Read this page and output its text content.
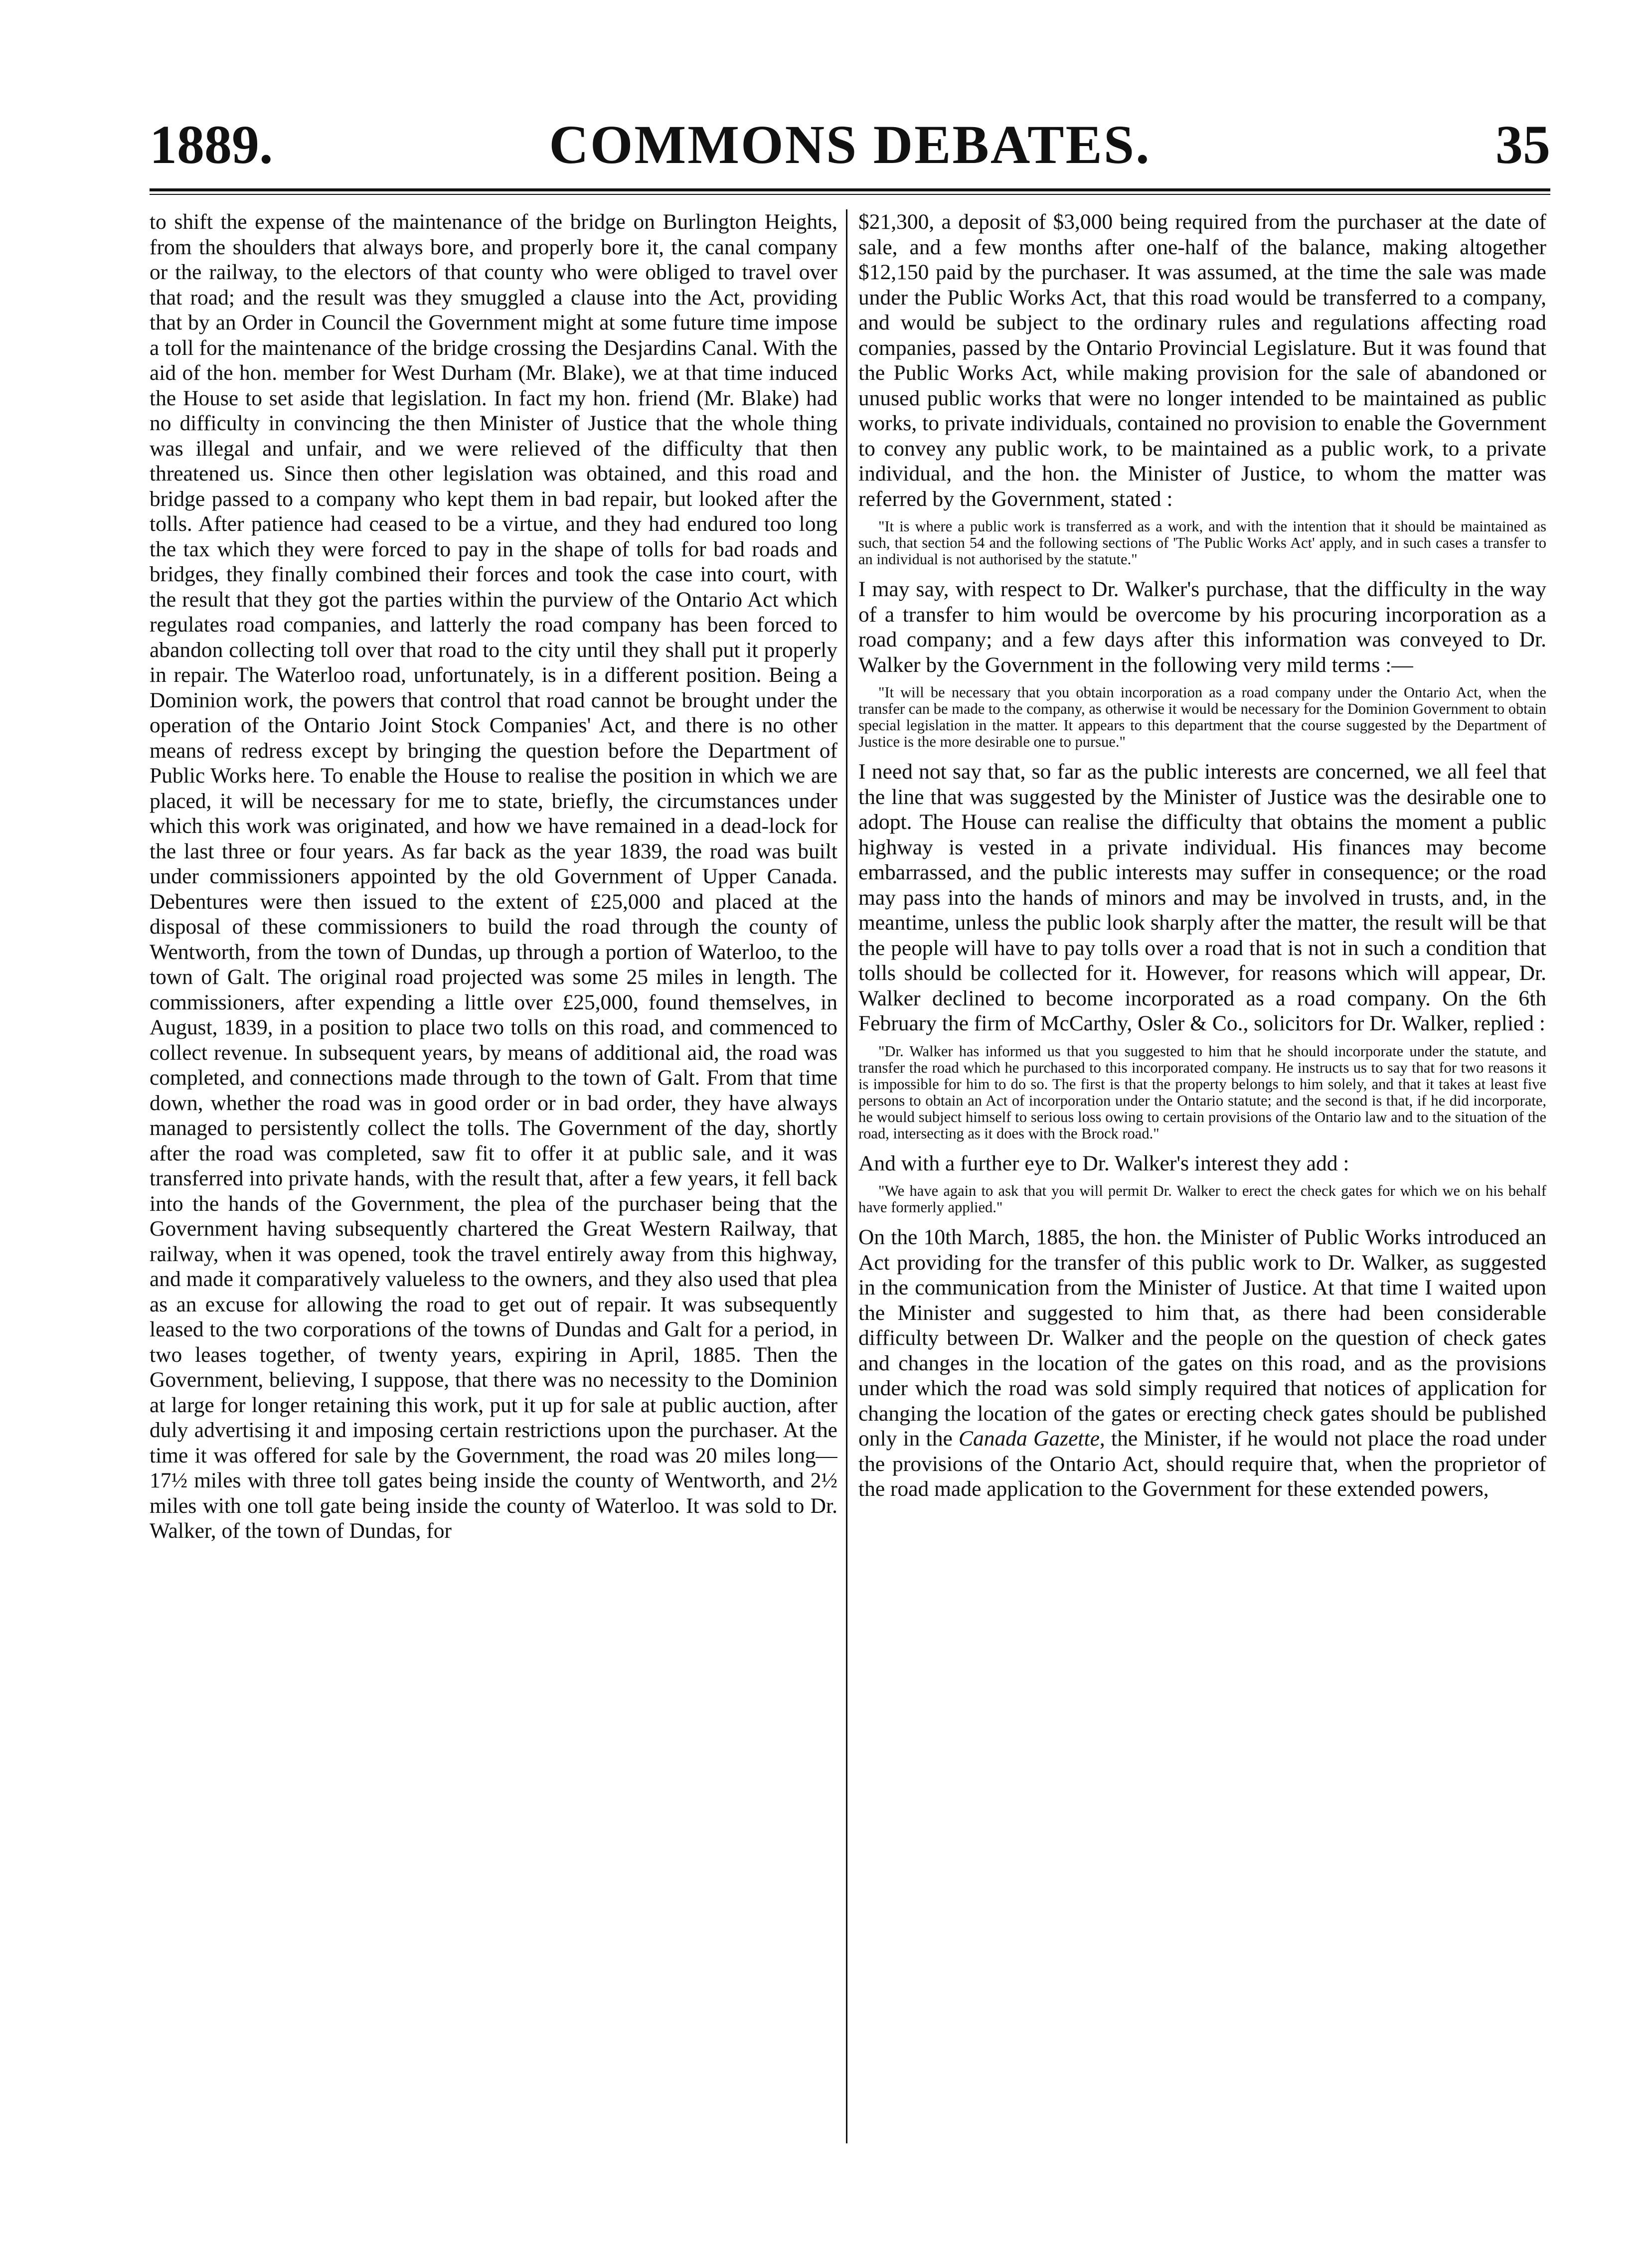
COMMONS DEBATES.
1889.	35

to shift the expense of the maintenance of the bridge on Burlington Heights, from the shoulders that always bore, and properly bore it, the canal company or the railway, to the electors of that county who were obliged to travel over that road; and the result was they smuggled a clause into the Act, providing that by an Order in Council the Government might at some future time impose a toll for the maintenance of the bridge crossing the Desjardins Canal. With the aid of the hon. member for West Durham (Mr. Blake), we at that time induced the House to set aside that legislation. In fact my hon. friend (Mr. Blake) had no difficulty in convincing the then Minister of Justice that the whole thing was illegal and unfair, and we were relieved of the difficulty that then threatened us. Since then other legislation was obtained, and this road and bridge passed to a company who kept them in bad repair, but looked after the tolls. After patience had ceased to be a virtue, and they had endured too long the tax which they were forced to pay in the shape of tolls for bad roads and bridges, they finally combined their forces and took the case into court, with the result that they got the parties within the purview of the Ontario Act which regulates road companies, and latterly the road company has been forced to abandon collecting toll over that road to the city until they shall put it properly in repair. The Waterloo road, unfortunately, is in a different position. Being a Dominion work, the powers that control that road cannot be brought under the operation of the Ontario Joint Stock Companies' Act, and there is no other means of redress except by bringing the question before the Department of Public Works here. To enable the House to realise the position in which we are placed, it will be necessary for me to state, briefly, the circumstances under which this work was originated, and how we have remained in a dead-lock for the last three or four years. As far back as the year 1839, the road was built under commissioners appointed by the old Government of Upper Canada. Debentures were then issued to the extent of £25,000 and placed at the disposal of these commissioners to build the road through the county of Wentworth, from the town of Dundas, up through a portion of Waterloo, to the town of Galt. The original road projected was some 25 miles in length. The commissioners, after expending a little over £25,000, found themselves, in August, 1839, in a position to place two tolls on this road, and commenced to collect revenue. In subsequent years, by means of additional aid, the road was completed, and connections made through to the town of Galt. From that time down, whether the road was in good order or in bad order, they have always managed to persistently collect the tolls. The Government of the day, shortly after the road was completed, saw fit to offer it at public sale, and it was transferred into private hands, with the result that, after a few years, it fell back into the hands of the Government, the plea of the purchaser being that the Government having subsequently chartered the Great Western Railway, that railway, when it was opened, took the travel entirely away from this highway, and made it comparatively valueless to the owners, and they also used that plea as an excuse for allowing the road to get out of repair. It was subsequently leased to the two corporations of the towns of Dundas and Galt for a period, in two leases together, of twenty years, expiring in April, 1885. Then the Government, believing, I suppose, that there was no necessity to the Dominion at large for longer retaining this work, put it up for sale at public auction, after duly advertising it and imposing certain restrictions upon the purchaser. At the time it was offered for sale by the Government, the road was 20 miles long—17½ miles with three toll gates being inside the county of Wentworth, and 2½ miles with one toll gate being inside the county of Waterloo. It was sold to Dr. Walker, of the town of Dundas, for

$21,300, a deposit of $3,000 being required from the purchaser at the date of sale, and a few months after one-half of the balance, making altogether $12,150 paid by the purchaser. It was assumed, at the time the sale was made under the Public Works Act, that this road would be transferred to a company, and would be subject to the ordinary rules and regulations affecting road companies, passed by the Ontario Provincial Legislature. But it was found that the Public Works Act, while making provision for the sale of abandoned or unused public works that were no longer intended to be maintained as public works, to private individuals, contained no provision to enable the Government to convey any public work, to be maintained as a public work, to a private individual, and the hon. the Minister of Justice, to whom the matter was referred by the Government, stated :

"It is where a public work is transferred as a work, and with the intention that it should be maintained as such, that section 54 and the following sections of 'The Public Works Act' apply, and in such cases a transfer to an individual is not authorised by the statute."

I may say, with respect to Dr. Walker's purchase, that the difficulty in the way of a transfer to him would be overcome by his procuring incorporation as a road company; and a few days after this information was conveyed to Dr. Walker by the Government in the following very mild terms :—

"It will be necessary that you obtain incorporation as a road company under the Ontario Act, when the transfer can be made to the company, as otherwise it would be necessary for the Dominion Government to obtain special legislation in the matter. It appears to this department that the course suggested by the Department of Justice is the more desirable one to pursue."

I need not say that, so far as the public interests are concerned, we all feel that the line that was suggested by the Minister of Justice was the desirable one to adopt. The House can realise the difficulty that obtains the moment a public highway is vested in a private individual. His finances may become embarrassed, and the public interests may suffer in consequence; or the road may pass into the hands of minors and may be involved in trusts, and, in the meantime, unless the public look sharply after the matter, the result will be that the people will have to pay tolls over a road that is not in such a condition that tolls should be collected for it. However, for reasons which will appear, Dr. Walker declined to become incorporated as a road company. On the 6th February the firm of McCarthy, Osler & Co., solicitors for Dr. Walker, replied :

"Dr. Walker has informed us that you suggested to him that he should incorporate under the statute, and transfer the road which he purchased to this incorporated company. He instructs us to say that for two reasons it is impossible for him to do so. The first is that the property belongs to him solely, and that it takes at least five persons to obtain an Act of incorporation under the Ontario statute; and the second is that, if he did incorporate, he would subject himself to serious loss owing to certain provisions of the Ontario law and to the situation of the road, intersecting as it does with the Brock road."

And with a further eye to Dr. Walker's interest they add :

"We have again to ask that you will permit Dr. Walker to erect the check gates for which we on his behalf have formerly applied."

On the 10th March, 1885, the hon. the Minister of Public Works introduced an Act providing for the transfer of this public work to Dr. Walker, as suggested in the communication from the Minister of Justice. At that time I waited upon the Minister and suggested to him that, as there had been considerable difficulty between Dr. Walker and the people on the question of check gates and changes in the location of the gates on this road, and as the provisions under which the road was sold simply required that notices of application for changing the location of the gates or erecting check gates should be published only in the Canada Gazette, the Minister, if he would not place the road under the provisions of the Ontario Act, should require that, when the proprietor of the road made application to the Government for these extended powers,
